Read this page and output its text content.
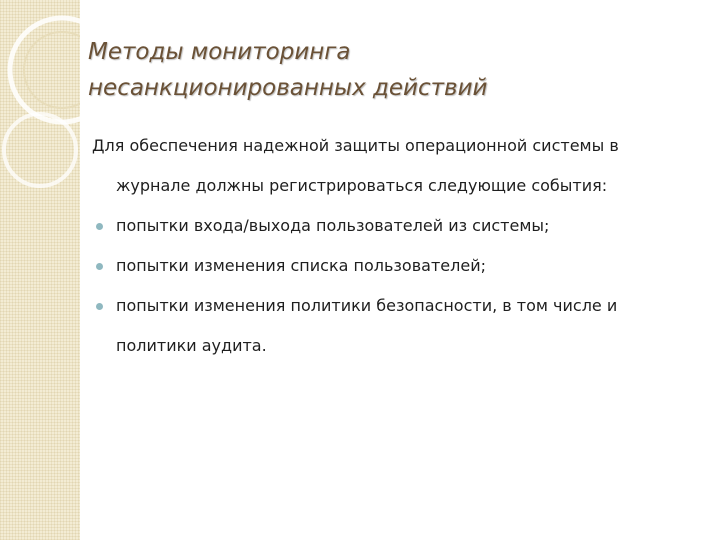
Методы мониторинга
несанкционированных действий

Для обеспечения надежной защиты операционной системы в
журнале должны регистрироваться следующие события:

попытки входа/выхода пользователей из системы;
попытки изменения списка пользователей;
попытки изменения политики безопасности, в том числе и политики аудита.
